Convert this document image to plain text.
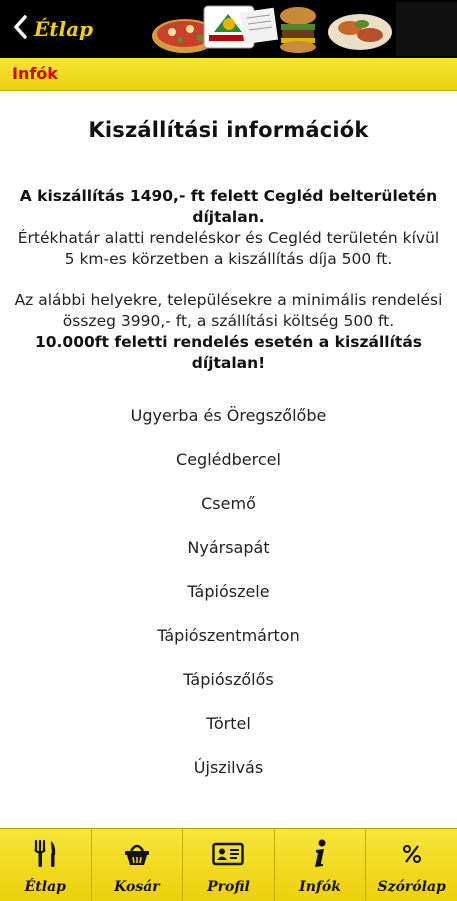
Étlap
Infók
Kiszállítási információk
A kiszállítás 1490,- ft felett Cegléd belterületén díjtalan.
Értékhatár alatti rendeléskor és Cegléd területén kívül 5 km-es körzetben a kiszállítás díja 500 ft.
Az alábbi helyekre, településekre a minimális rendelési összeg 3990,- ft, a szállítási költség 500 ft.
10.000ft feletti rendelés esetén a kiszállítás díjtalan!
Ugyerba és Öregszőlőbe
Ceglédbercel
Csemő
Nyársapát
Tápiószele
Tápiószentmárton
Tápiószőlős
Törtel
Újszilvás
Étlap	Kosár	Profil	Infók	Szórólap
